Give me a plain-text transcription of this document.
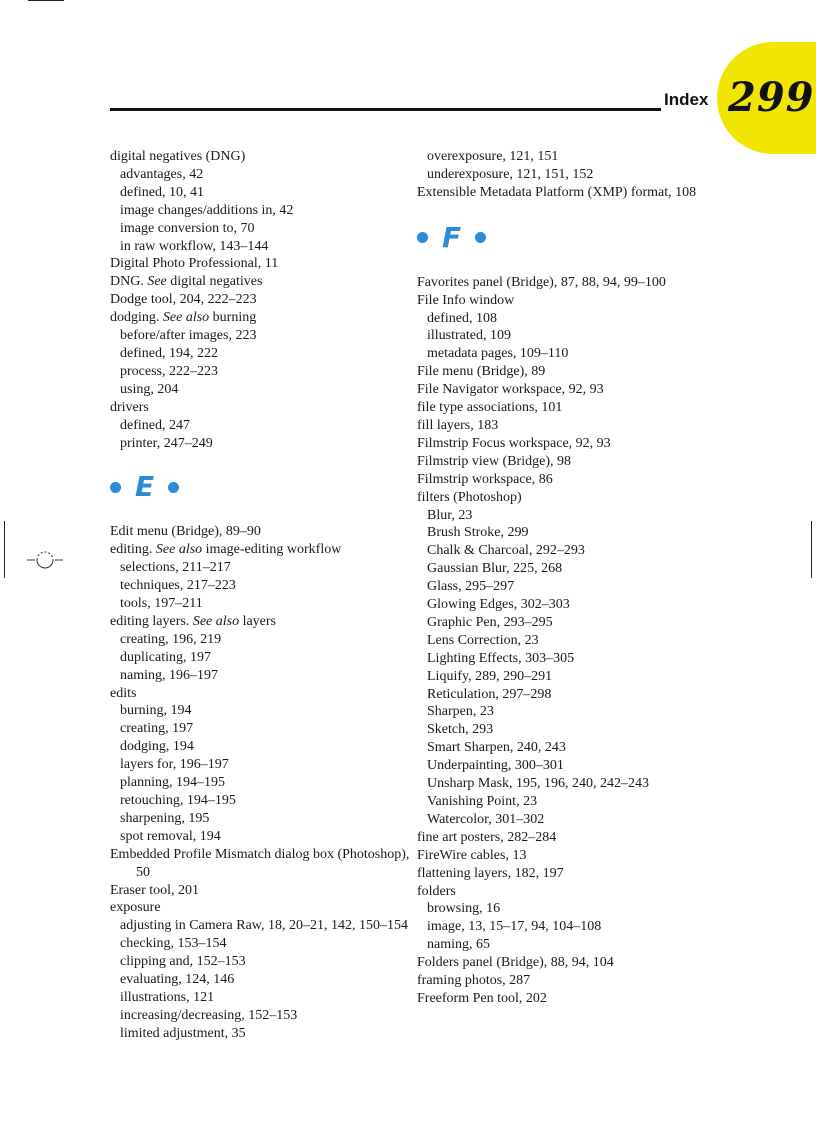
299
Index
digital negatives (DNG)
advantages, 42
defined, 10, 41
image changes/additions in, 42
image conversion to, 70
in raw workflow, 143–144
Digital Photo Professional, 11
DNG. See digital negatives
Dodge tool, 204, 222–223
dodging. See also burning
before/after images, 223
defined, 194, 222
process, 222–223
using, 204
drivers
defined, 247
printer, 247–249
E
Edit menu (Bridge), 89–90
editing. See also image-editing workflow
selections, 211–217
techniques, 217–223
tools, 197–211
editing layers. See also layers
creating, 196, 219
duplicating, 197
naming, 196–197
edits
burning, 194
creating, 197
dodging, 194
layers for, 196–197
planning, 194–195
retouching, 194–195
sharpening, 195
spot removal, 194
Embedded Profile Mismatch dialog box (Photoshop), 50
Eraser tool, 201
exposure
adjusting in Camera Raw, 18, 20–21, 142, 150–154
checking, 153–154
clipping and, 152–153
evaluating, 124, 146
illustrations, 121
increasing/decreasing, 152–153
limited adjustment, 35
overexposure, 121, 151
underexposure, 121, 151, 152
Extensible Metadata Platform (XMP) format, 108
F
Favorites panel (Bridge), 87, 88, 94, 99–100
File Info window
defined, 108
illustrated, 109
metadata pages, 109–110
File menu (Bridge), 89
File Navigator workspace, 92, 93
file type associations, 101
fill layers, 183
Filmstrip Focus workspace, 92, 93
Filmstrip view (Bridge), 98
Filmstrip workspace, 86
filters (Photoshop)
Blur, 23
Brush Stroke, 299
Chalk & Charcoal, 292–293
Gaussian Blur, 225, 268
Glass, 295–297
Glowing Edges, 302–303
Graphic Pen, 293–295
Lens Correction, 23
Lighting Effects, 303–305
Liquify, 289, 290–291
Reticulation, 297–298
Sharpen, 23
Sketch, 293
Smart Sharpen, 240, 243
Underpainting, 300–301
Unsharp Mask, 195, 196, 240, 242–243
Vanishing Point, 23
Watercolor, 301–302
fine art posters, 282–284
FireWire cables, 13
flattening layers, 182, 197
folders
browsing, 16
image, 13, 15–17, 94, 104–108
naming, 65
Folders panel (Bridge), 88, 94, 104
framing photos, 287
Freeform Pen tool, 202
